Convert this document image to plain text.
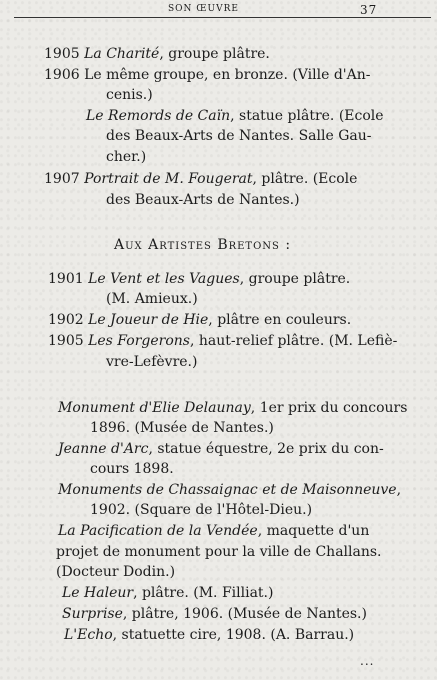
SON ŒUVRE	37
1905 La Charité, groupe plâtre.
1906 Le même groupe, en bronze. (Ville d'An-
cenis.)
Le Remords de Caïn, statue plâtre. (Ecole
des Beaux-Arts de Nantes. Salle Gau-
cher.)
1907 Portrait de M. Fougerat, plâtre. (Ecole
des Beaux-Arts de Nantes.)
1901 Le Vent et les Vagues, groupe plâtre.
(M. Amieux.)
1902 Le Joueur de Hie, plâtre en couleurs.
1905 Les Forgerons, haut-relief plâtre. (M. Lefiè-
vre-Lefèvre.)
Monument d'Elie Delaunay, 1er prix du concours
1896. (Musée de Nantes.)
Jeanne d'Arc, statue équestre, 2e prix du con-
cours 1898.
Monuments de Chassaignac et de Maisonneuve,
1902. (Square de l'Hôtel-Dieu.)
La Pacification de la Vendée, maquette d'un
projet de monument pour la ville de Challans.
(Docteur Dodin.)
Le Haleur, plâtre. (M. Filliat.)
Surprise, plâtre, 1906. (Musée de Nantes.)
L'Echo, statuette cire, 1908. (A. Barrau.)
Aux Artistes Bretons :
...
